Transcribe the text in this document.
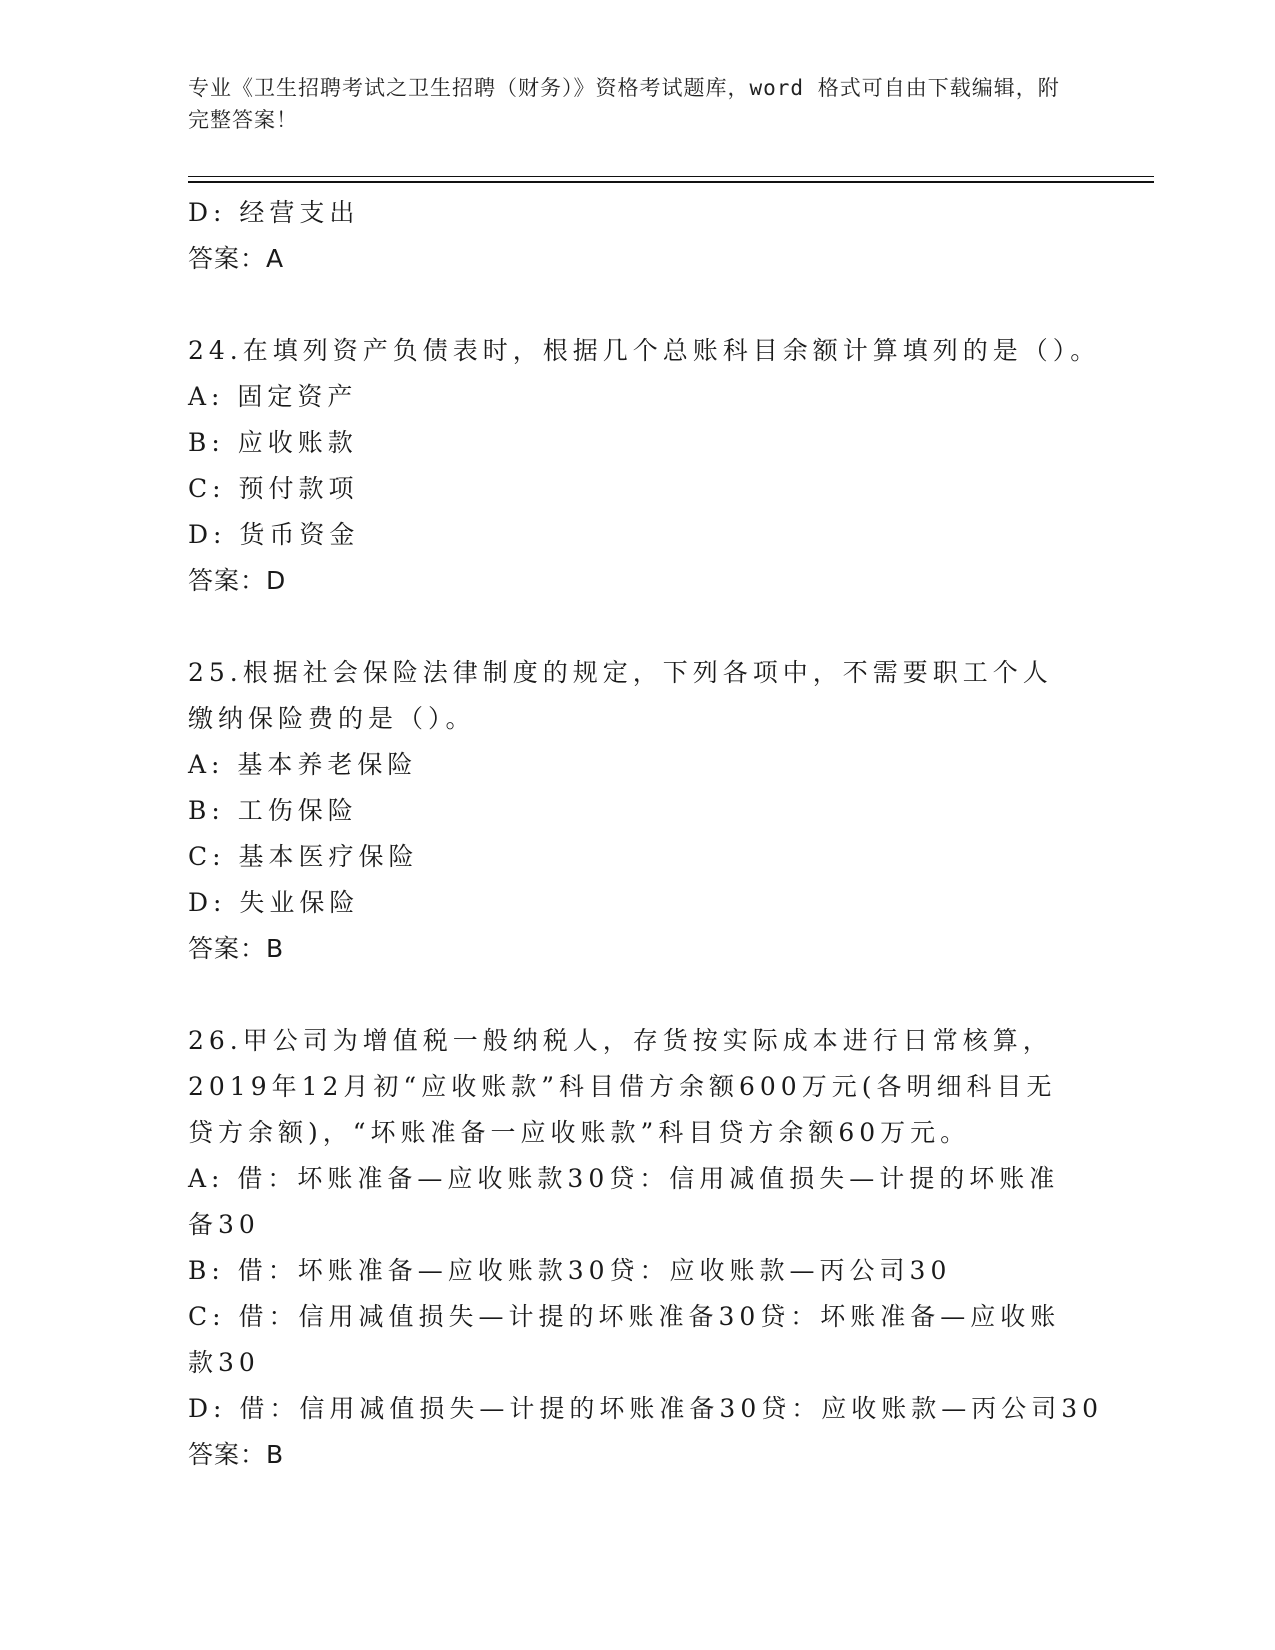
专业《卫生招聘考试之卫生招聘（财务）》资格考试题库，word 格式可自由下载编辑，附完整答案！
D: 经营支出
答案：A
24.在填列资产负债表时，根据几个总账科目余额计算填列的是（）。
A: 固定资产
B: 应收账款
C: 预付款项
D: 货币资金
答案：D
25.根据社会保险法律制度的规定，下列各项中，不需要职工个人缴纳保险费的是（）。
A: 基本养老保险
B: 工伤保险
C: 基本医疗保险
D: 失业保险
答案：B
26.甲公司为增值税一般纳税人，存货按实际成本进行日常核算，2019年12月初“应收账款”科目借方余额600万元(各明细科目无贷方余额)，“坏账准备一应收账款”科目贷方余额60万元。
A: 借：坏账准备—应收账款30贷：信用减值损失—计提的坏账准备30
B: 借：坏账准备—应收账款30贷：应收账款—丙公司30
C: 借：信用减值损失—计提的坏账准备30贷：坏账准备—应收账款30
D: 借：信用减值损失—计提的坏账准备30贷：应收账款—丙公司30
答案：B
